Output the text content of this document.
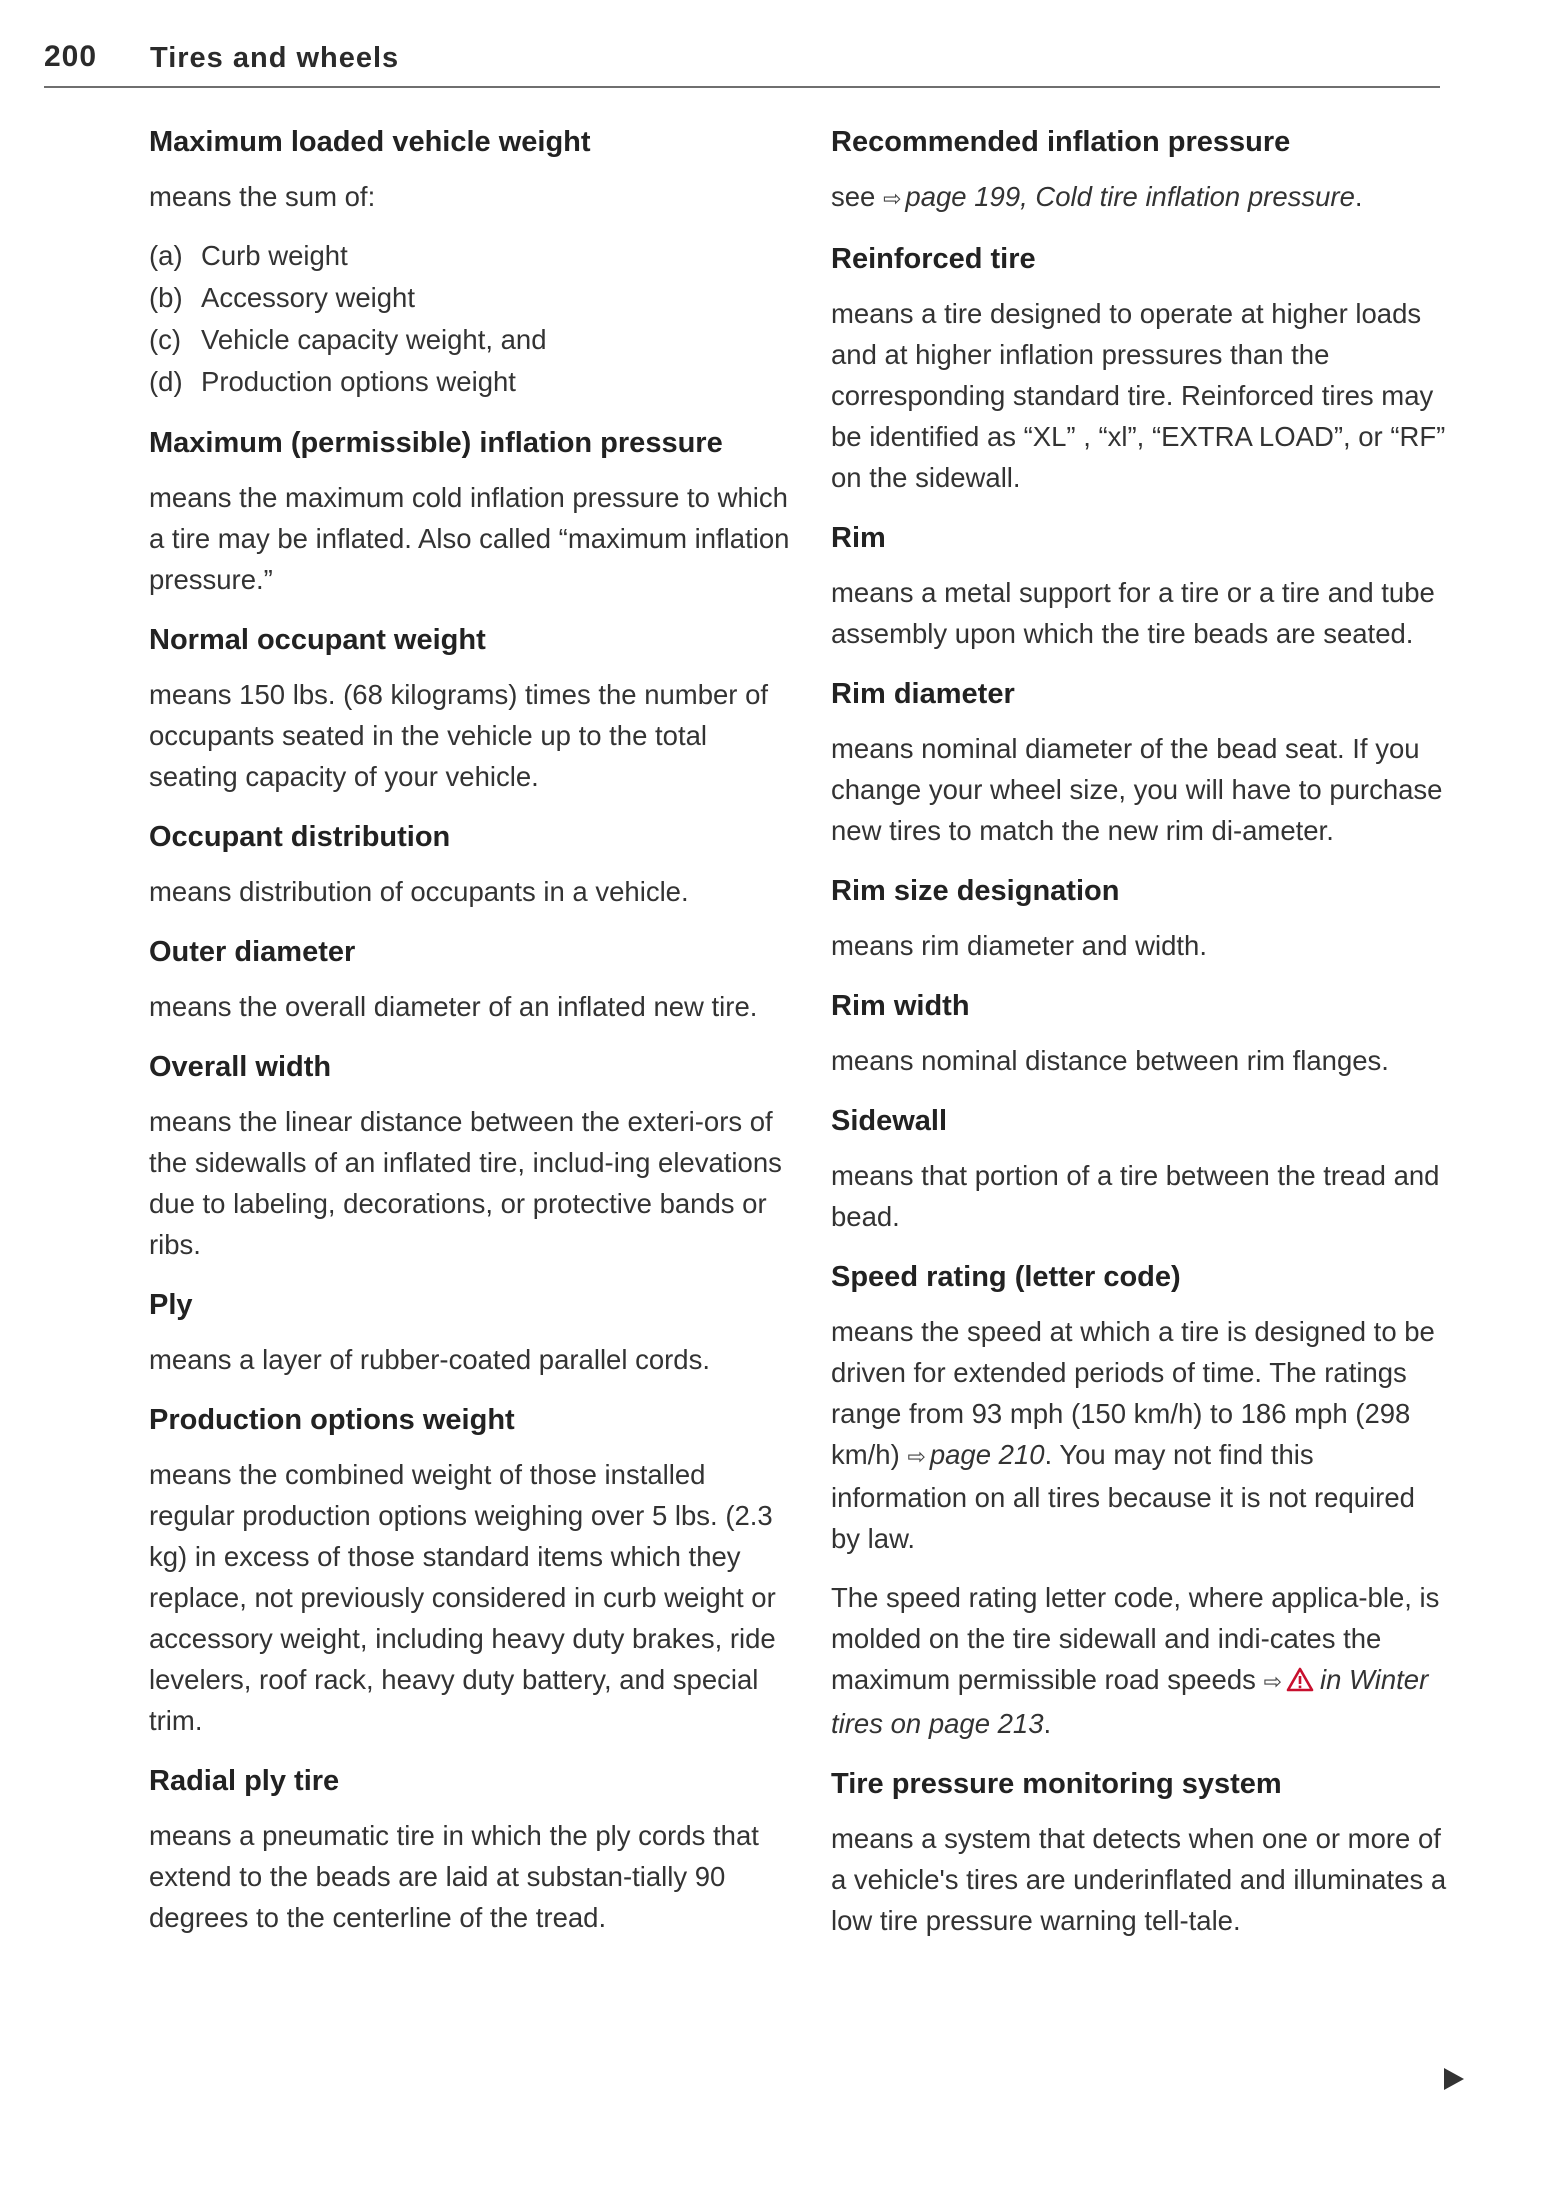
200 Tires and wheels
Maximum loaded vehicle weight

means the sum of:

(a) Curb weight
(b) Accessory weight
(c) Vehicle capacity weight, and
(d) Production options weight
Maximum (permissible) inflation pressure

means the maximum cold inflation pressure to which a tire may be inflated. Also called “maximum inflation pressure.”

Normal occupant weight

means 150 lbs. (68 kilograms) times the number of occupants seated in the vehicle up to the total seating capacity of your vehicle.

Occupant distribution

means distribution of occupants in a vehicle.

Outer diameter

means the overall diameter of an inflated new tire.

Overall width

means the linear distance between the exteri-ors of the sidewalls of an inflated tire, includ-ing elevations due to labeling, decorations, or protective bands or ribs.

Ply

means a layer of rubber-coated parallel cords.

Production options weight

means the combined weight of those installed regular production options weighing over 5 lbs. (2.3 kg) in excess of those standard items which they replace, not previously considered in curb weight or accessory weight, including heavy duty brakes, ride levelers, roof rack, heavy duty battery, and special trim.

Radial ply tire

means a pneumatic tire in which the ply cords that extend to the beads are laid at substan-tially 90 degrees to the centerline of the tread.

Recommended inflation pressure

see ⇨ page 199, Cold tire inflation pressure.

Reinforced tire

means a tire designed to operate at higher loads and at higher inflation pressures than the corresponding standard tire. Reinforced tires may be identified as “XL” , “xl”, “EXTRA LOAD”, or “RF” on the sidewall.

Rim

means a metal support for a tire or a tire and tube assembly upon which the tire beads are seated.

Rim diameter

means nominal diameter of the bead seat. If you change your wheel size, you will have to purchase new tires to match the new rim di-ameter.

Rim size designation

means rim diameter and width.

Rim width

means nominal distance between rim flanges.

Sidewall

means that portion of a tire between the tread and bead.

Speed rating (letter code)

means the speed at which a tire is designed to be driven for extended periods of time. The ratings range from 93 mph (150 km/h) to 186 mph (298 km/h) ⇨ page 210. You may not find this information on all tires because it is not required by law.

The speed rating letter code, where applica-ble, is molded on the tire sidewall and indi-cates the maximum permissible road speeds ⇨ in Winter tires on page 213.

Tire pressure monitoring system

means a system that detects when one or more of a vehicle's tires are underinflated and illuminates a low tire pressure warning tell-tale.
